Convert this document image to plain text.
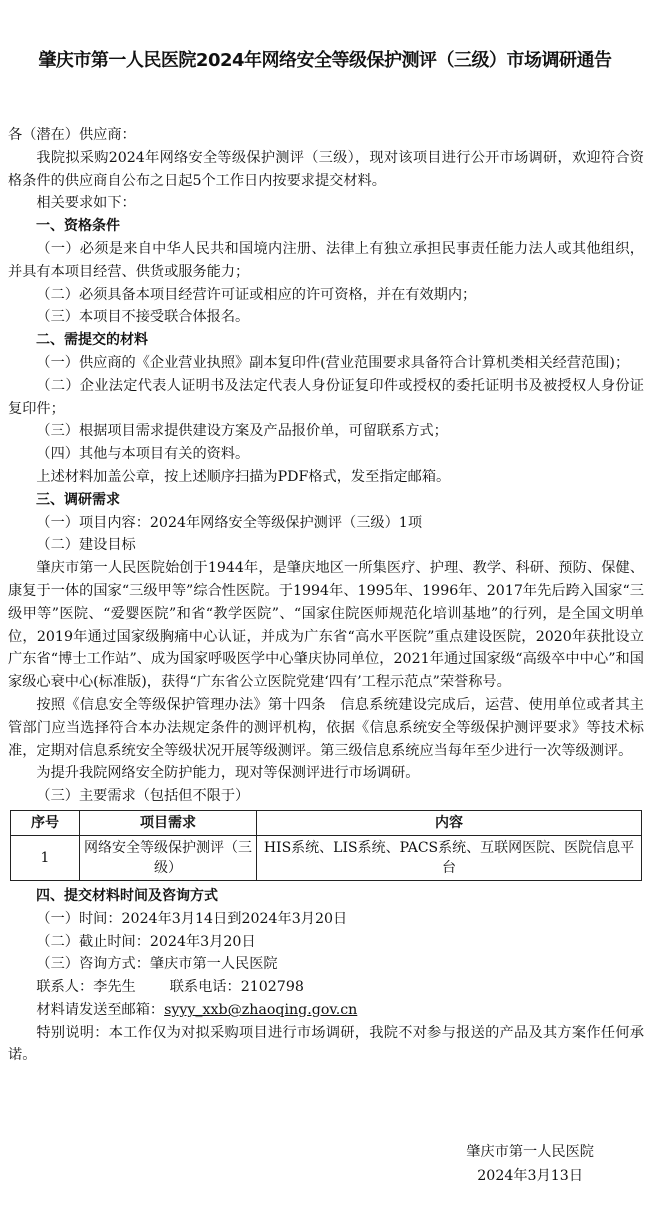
肇庆市第一人民医院2024年网络安全等级保护测评（三级）市场调研通告

各（潜在）供应商：

我院拟采购2024年网络安全等级保护测评（三级），现对该项目进行公开市场调研，欢迎符合资格条件的供应商自公布之日起5个工作日内按要求提交材料。

相关要求如下：

一、资格条件

（一）必须是来自中华人民共和国境内注册、法律上有独立承担民事责任能力法人或其他组织，并具有本项目经营、供货或服务能力；

（二）必须具备本项目经营许可证或相应的许可资格，并在有效期内；

（三）本项目不接受联合体报名。

二、需提交的材料

（一）供应商的《企业营业执照》副本复印件(营业范围要求具备符合计算机类相关经营范围)；

（二）企业法定代表人证明书及法定代表人身份证复印件或授权的委托证明书及被授权人身份证复印件；

（三）根据项目需求提供建设方案及产品报价单，可留联系方式；

（四）其他与本项目有关的资料。

上述材料加盖公章，按上述顺序扫描为PDF格式，发至指定邮箱。

三、调研需求

（一）项目内容：2024年网络安全等级保护测评（三级）1项

（二）建设目标

肇庆市第一人民医院始创于1944年，是肇庆地区一所集医疗、护理、教学、科研、预防、保健、康复于一体的国家“三级甲等”综合性医院。于1994年、1995年、1996年、2017年先后跨入国家“三级甲等”医院、“爱婴医院”和省“教学医院”、“国家住院医师规范化培训基地”的行列，是全国文明单位，2019年通过国家级胸痛中心认证，并成为广东省“高水平医院”重点建设医院，2020年获批设立广东省“博士工作站”、成为国家呼吸医学中心肇庆协同单位，2021年通过国家级“高级卒中中心”和国家级心衰中心(标准版)，获得“广东省公立医院党建‘四有’工程示范点”荣誉称号。

按照《信息安全等级保护管理办法》第十四条　信息系统建设完成后，运营、使用单位或者其主管部门应当选择符合本办法规定条件的测评机构，依据《信息系统安全等级保护测评要求》等技术标准，定期对信息系统安全等级状况开展等级测评。第三级信息系统应当每年至少进行一次等级测评。

为提升我院网络安全防护能力，现对等保测评进行市场调研。

（三）主要需求（包括但不限于）

序号	项目需求	内容
1	网络安全等级保护测评（三级）	HIS系统、LIS系统、PACS系统、互联网医院、医院信息平台

四、提交材料时间及咨询方式

（一）时间：2024年3月14日到2024年3月20日

（二）截止时间：2024年3月20日

（三）咨询方式：肇庆市第一人民医院

联系人：李先生 联系电话：2102798

材料请发送至邮箱：syyy_xxb@zhaoqing.gov.cn

特别说明：本工作仅为对拟采购项目进行市场调研，我院不对参与报送的产品及其方案作任何承诺。

肇庆市第一人民医院
2024年3月13日
